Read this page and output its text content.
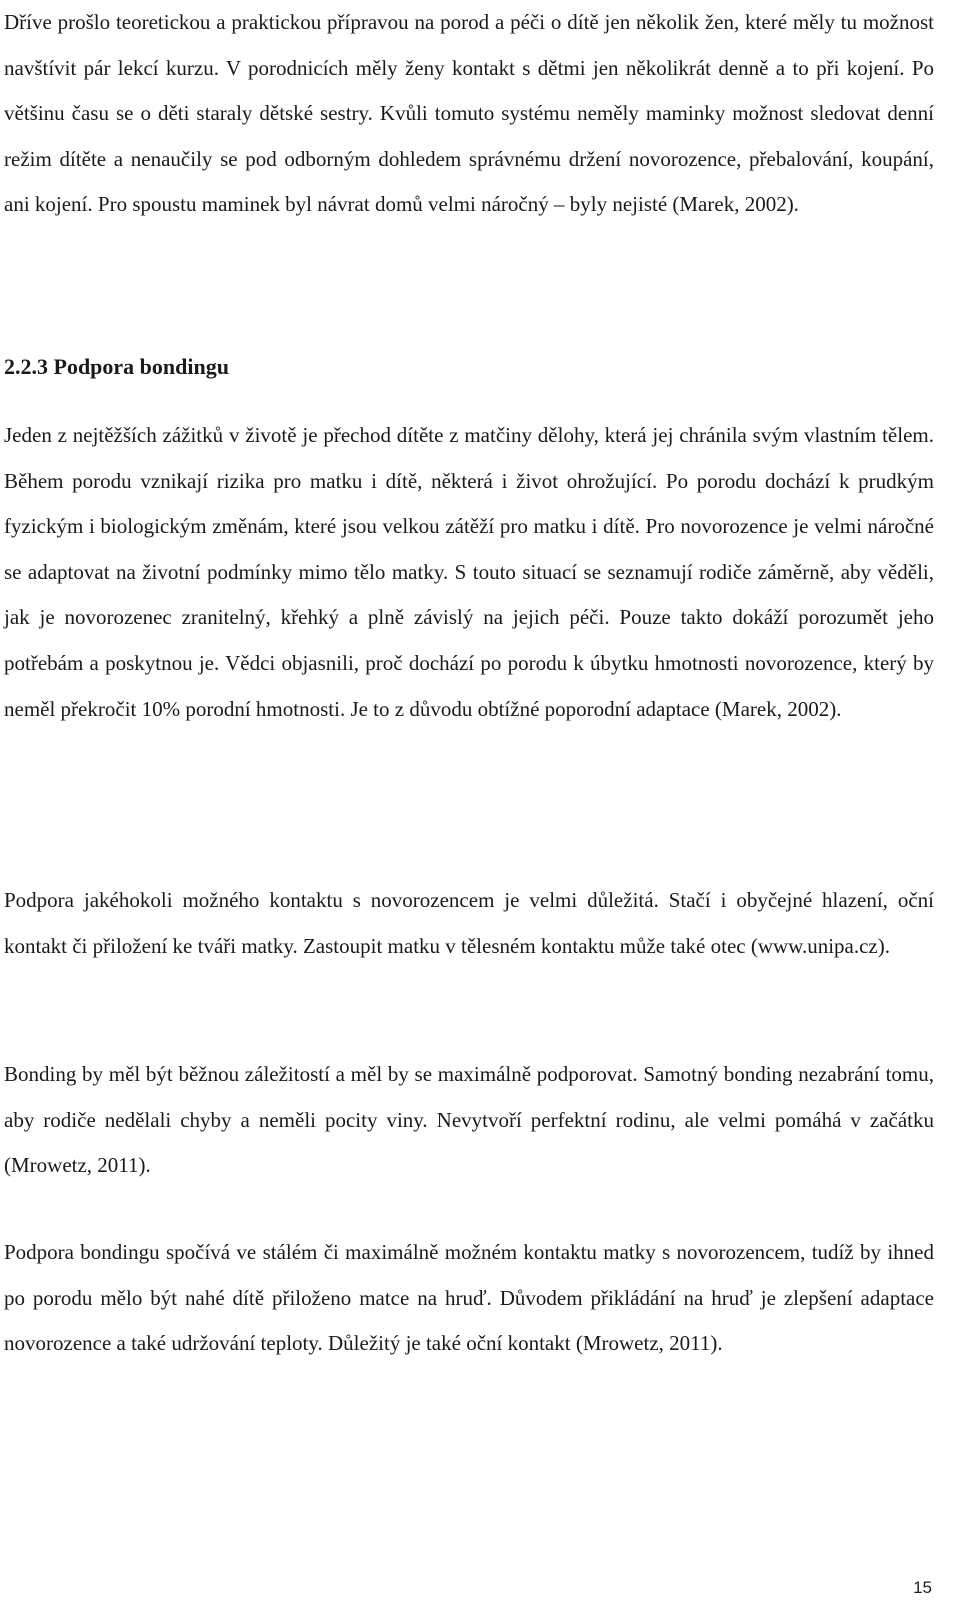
Dříve prošlo teoretickou a praktickou přípravou na porod a péči o dítě jen několik žen, které měly tu možnost navštívit pár lekcí kurzu. V porodnicích měly ženy kontakt s dětmi jen několikrát denně a to při kojení. Po většinu času se o děti staraly dětské sestry. Kvůli tomuto systému neměly maminky možnost sledovat denní režim dítěte a nenaučily se pod odborným dohledem správnému držení novorozence, přebalování, koupání, ani kojení. Pro spoustu maminek byl návrat domů velmi náročný – byly nejisté (Marek, 2002).

2.2.3 Podpora bondingu

Jeden z nejtěžších zážitků v životě je přechod dítěte z matčiny dělohy, která jej chránila svým vlastním tělem. Během porodu vznikají rizika pro matku i dítě, některá i život ohrožující. Po porodu dochází k prudkým fyzickým i biologickým změnám, které jsou velkou zátěží pro matku i dítě. Pro novorozence je velmi náročné se adaptovat na životní podmínky mimo tělo matky. S touto situací se seznamují rodiče záměrně, aby věděli, jak je novorozenec zranitelný, křehký a plně závislý na jejich péči. Pouze takto dokáží porozumět jeho potřebám a poskytnou je. Vědci objasnili, proč dochází po porodu k úbytku hmotnosti novorozence, který by neměl překročit 10% porodní hmotnosti. Je to z důvodu obtížné poporodní adaptace (Marek, 2002).

Podpora jakéhokoli možného kontaktu s novorozencem je velmi důležitá. Stačí i obyčejné hlazení, oční kontakt či přiložení ke tváři matky. Zastoupit matku v tělesném kontaktu může také otec (www.unipa.cz).

Bonding by měl být běžnou záležitostí a měl by se maximálně podporovat. Samotný bonding nezabrání tomu, aby rodiče nedělali chyby a neměli pocity viny. Nevytvoří perfektní rodinu, ale velmi pomáhá v začátku (Mrowetz, 2011).

Podpora bondingu spočívá ve stálém či maximálně možném kontaktu matky s novorozencem, tudíž by ihned po porodu mělo být nahé dítě přiloženo matce na hruď. Důvodem přikládání na hruď je zlepšení adaptace novorozence a také udržování teploty. Důležitý je také oční kontakt (Mrowetz, 2011).

15
